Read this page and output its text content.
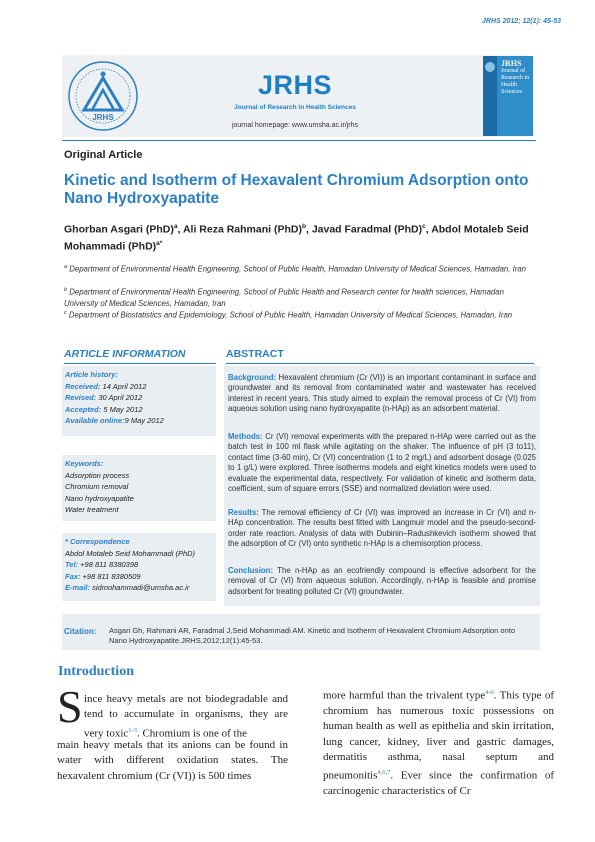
JRHS 2012; 12(1): 45-53
JRHS
JRHS
Journal of Research in Health Sciences
journal homepage: www.umsha.ac.ir/jrhs
JRHS
Journal of Research in Health Sciences
Original Article
Kinetic and Isotherm of Hexavalent Chromium Adsorption onto Nano Hydroxyapatite
Ghorban Asgari (PhD)$^a$, Ali Reza Rahmani (PhD)$^b$, Javad Faradmal (PhD)$^c$, Abdol Motaleb Seid Mohammadi (PhD)$^{a*}$
$^a$ Department of Environmental Health Engineering, School of Public Health, Hamadan University of Medical Sciences, Hamadan, Iran
$^b$ Department of Environmental Health Engineering, School of Public Health and Research center for health sciences, Hamadan University of Medical Sciences, Hamadan, Iran
$^c$ Department of Biostatistics and Epidemiology, School of Public Health, Hamadan University of Medical Sciences, Hamadan, Iran
ARTICLE INFORMATION	ABSTRACT
Article history:
Received: 14 April 2012
Revised: 30 April 2012
Accepted: 5 May 2012
Available online:9 May 2012
Keywords:
Adsorption process
Chromium removal
Nano hydroxyapatite
Water treatment
* Correspondence
Abdol Motaleb Seid Mohammadi (PhD)
Tel: +98 811 8380398
Fax: +98 811 8380509
E-mail: sidmohammadi@umsha.ac.ir
Background: Hexavalent chromium (Cr (VI)) is an important contaminant in surface and groundwater and its removal from contaminated water and wastewater has received interest in recent years. This study aimed to explain the removal process of Cr (VI) from aqueous solution using nano hydroxyapatite (n-HAp) as an adsorbent material.
Methods: Cr (VI) removal experiments with the prepared n-HAp were carried out as the batch test in 100 ml flask while agitating on the shaker. The influence of pH (3 to11), contact time (3-60 min), Cr (VI) concentration (1 to 2 mg/L) and adsorbent dosage (0.025 to 1 g/L) were explored. Three isotherms models and eight kinetics models were used to evaluate the experimental data, respectively. For validation of kinetic and isotherm data, coefficient, sum of square errors (SSE) and normalized deviation were used.
Results: The removal efficiency of Cr (VI) was improved an increase in Cr (VI) and n-HAp concentration. The results best fitted with Langmuir model and the pseudo-second-order rate reaction. Analysis of data with Dubinin–Radushkevich isotherm showed that the adsorption of Cr (VI) onto synthetic n-HAp is a chemisorption process.
Conclusion: The n-HAp as an ecofriendly compound is effective adsorbent for the removal of Cr (VI) from aqueous solution. Accordingly, n-HAp is feasible and promise adsorbent for treating polluted Cr (VI) groundwater.
Citation: Asgari Gh, Rahmani AR, Faradmal J,Seid Mohammadi AM. Kinetic and Isotherm of Hexavalent Chromium Adsorption onto Nano Hydroxyapatite.JRHS.2012;12(1):45-53.
Introduction
S ince heavy metals are not biodegradable and tend to accumulate in organisms, they are very toxic$^{1-3}$. Chromium is one of the
main heavy metals that its anions can be found in water with different oxidation states. The hexavalent chromium (Cr (VI)) is 500 times
more harmful than the trivalent type$^{4-6}$. This type of chromium has numerous toxic possessions on human health as well as epithelia and skin irritation, lung cancer, kidney, liver and gastric damages, dermatitis asthma, nasal septum and pneumonitis$^{4,6,7}$. Ever since the confirmation of carcinogenic characteristics of Cr
